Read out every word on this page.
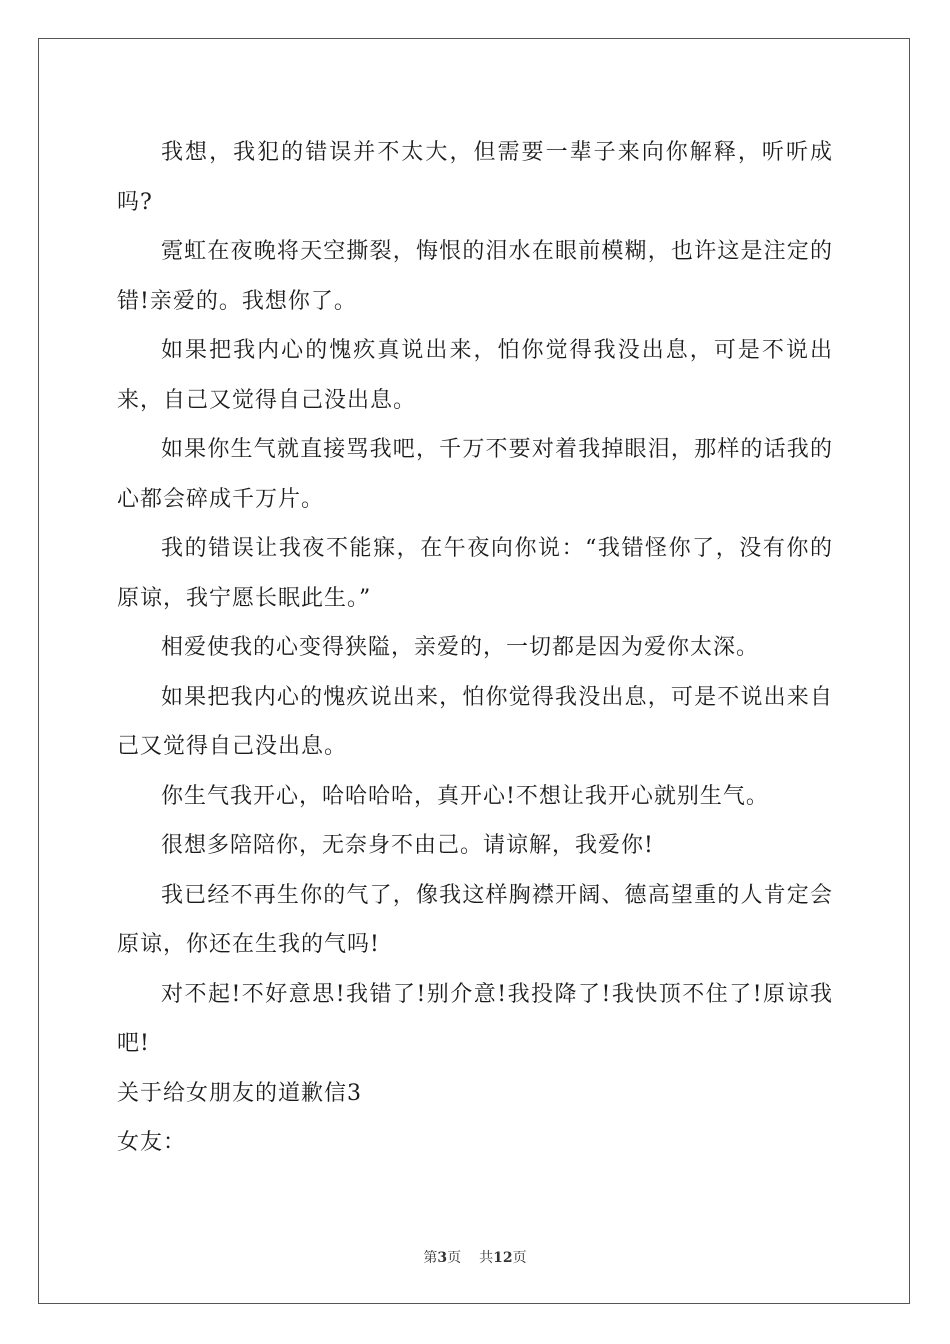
我想，我犯的错误并不太大，但需要一辈子来向你解释，听听成吗?

霓虹在夜晚将天空撕裂，悔恨的泪水在眼前模糊，也许这是注定的错!亲爱的。我想你了。

如果把我内心的愧疚真说出来，怕你觉得我没出息，可是不说出来，自己又觉得自己没出息。

如果你生气就直接骂我吧，千万不要对着我掉眼泪，那样的话我的心都会碎成千万片。

我的错误让我夜不能寐，在午夜向你说：“我错怪你了，没有你的原谅，我宁愿长眠此生。”

相爱使我的心变得狭隘，亲爱的，一切都是因为爱你太深。

如果把我内心的愧疚说出来，怕你觉得我没出息，可是不说出来自己又觉得自己没出息。

你生气我开心，哈哈哈哈，真开心!不想让我开心就别生气。

很想多陪陪你，无奈身不由己。请谅解，我爱你!

我已经不再生你的气了，像我这样胸襟开阔、德高望重的人肯定会原谅，你还在生我的气吗!

对不起!不好意思!我错了!别介意!我投降了!我快顶不住了!原谅我吧!

关于给女朋友的道歉信3

女友：

第3页 共12页
